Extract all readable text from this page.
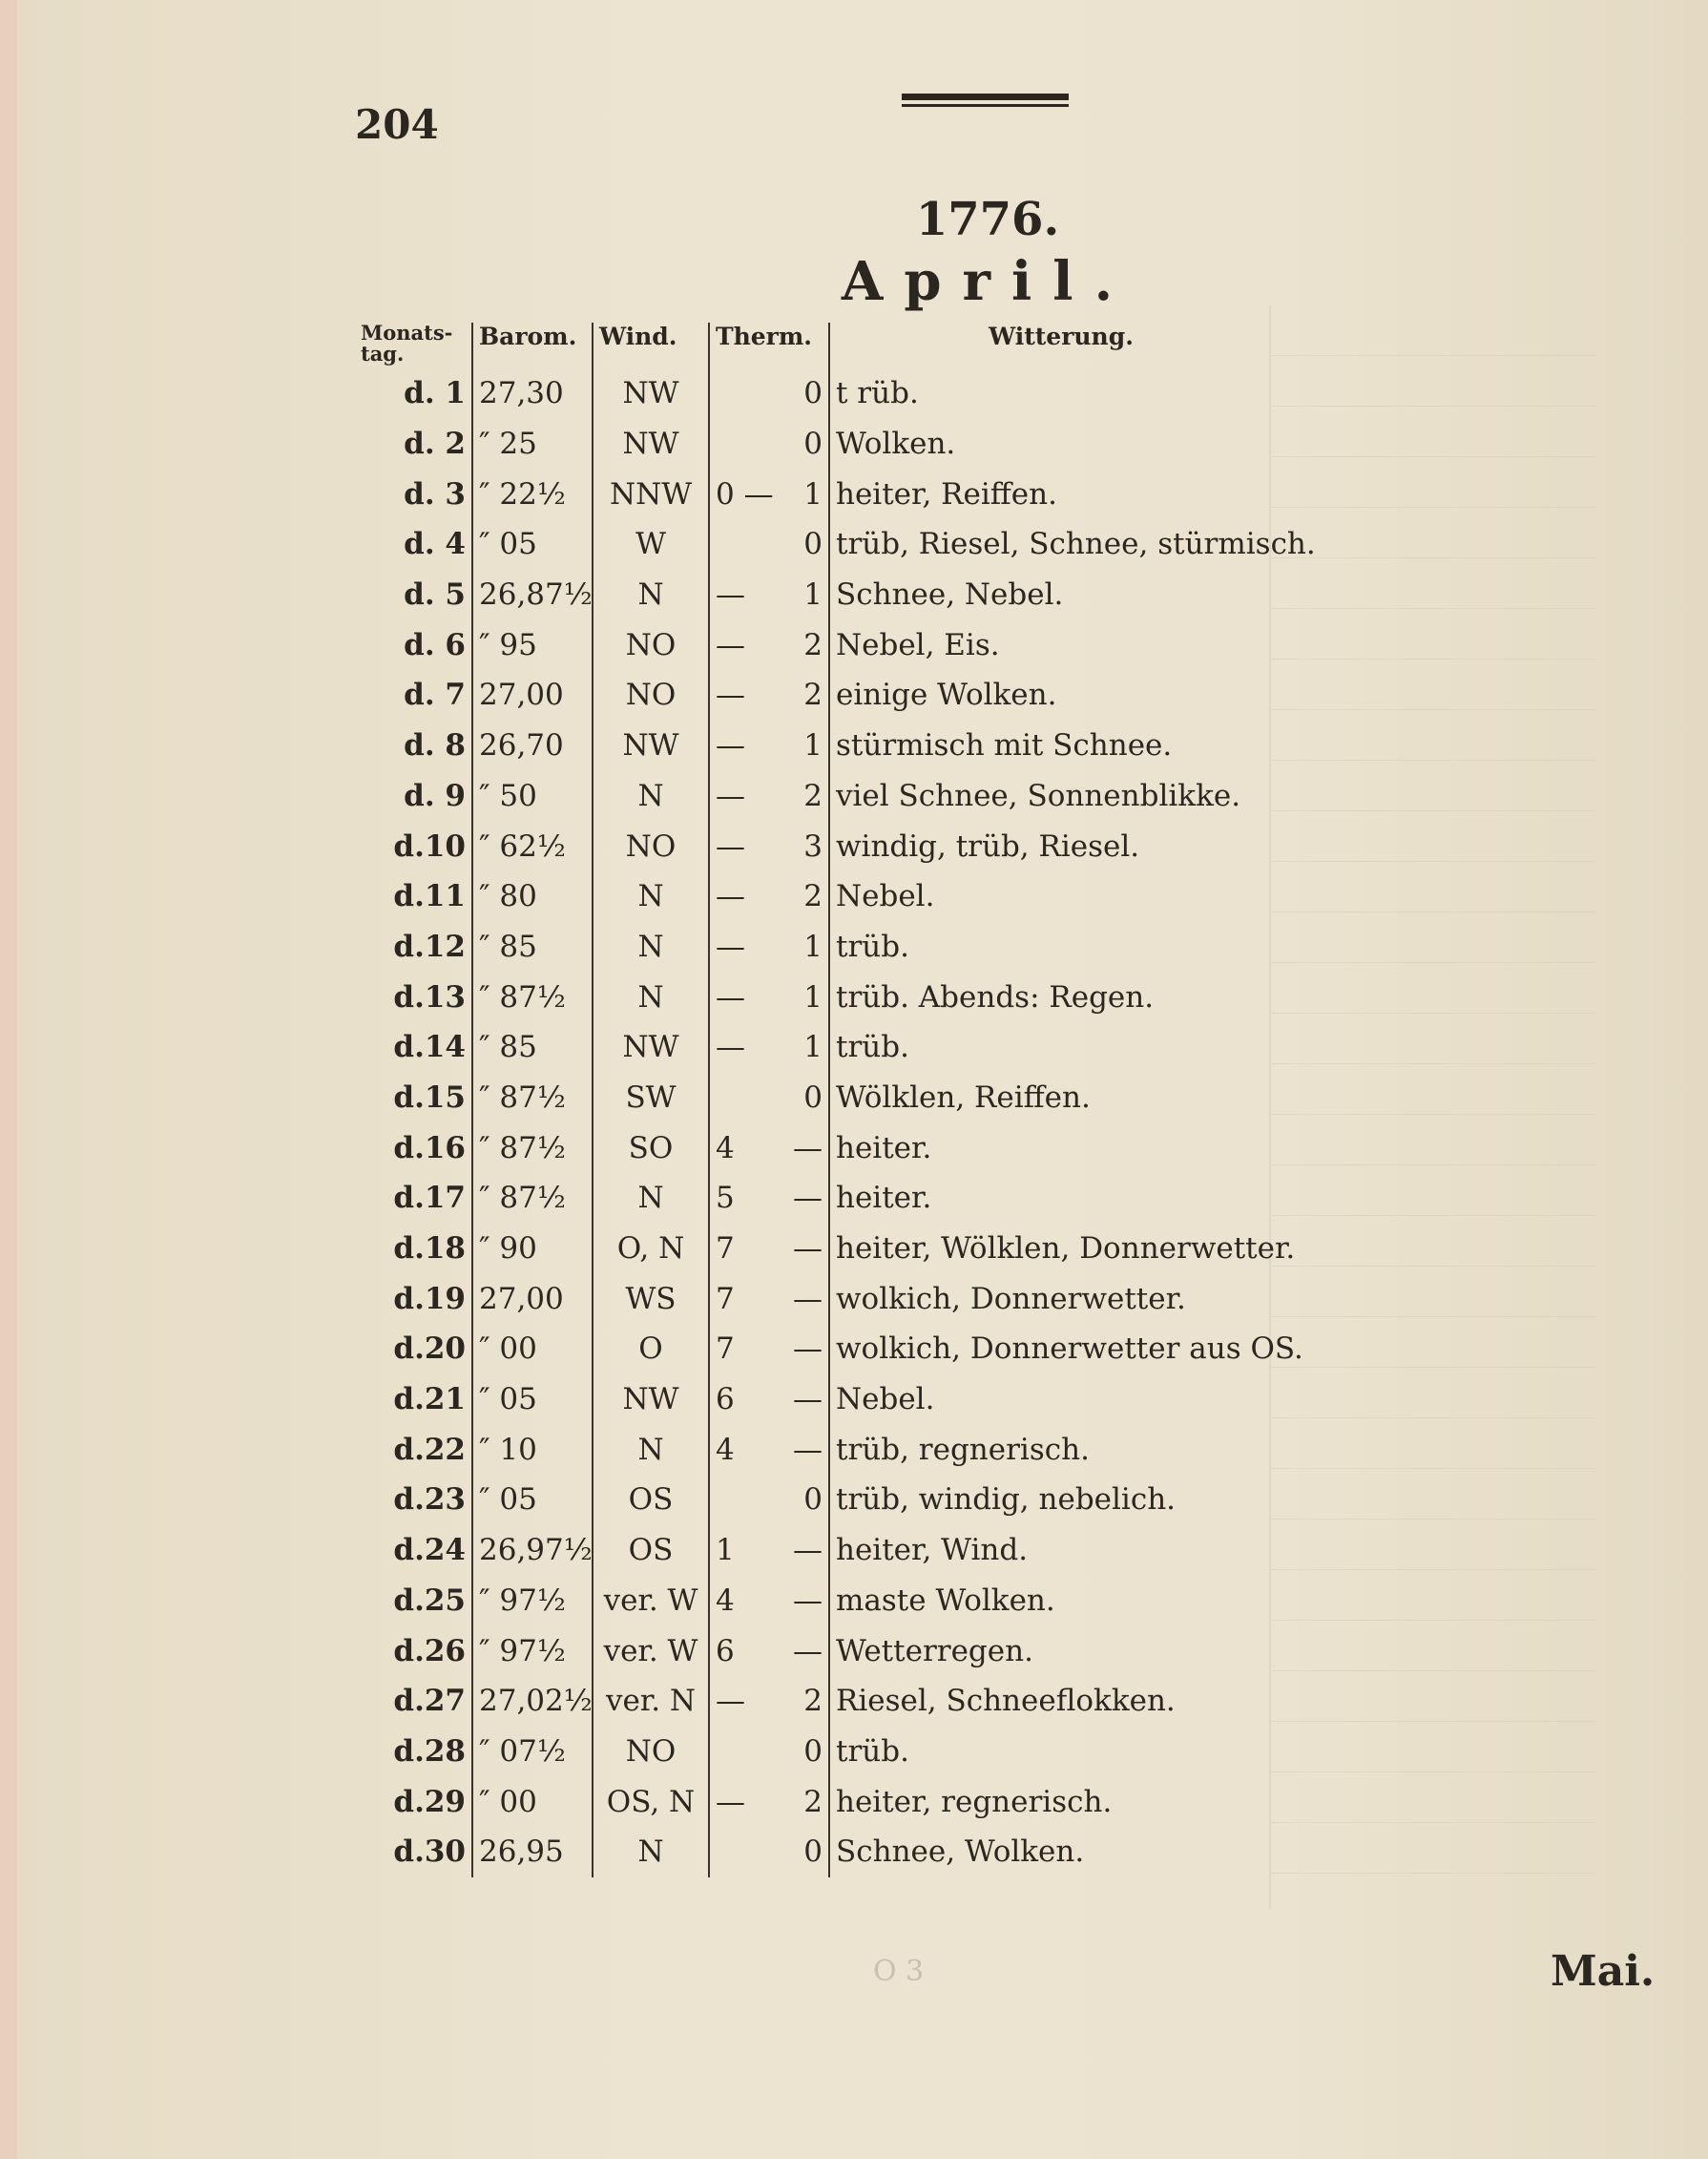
204
1776.
April.
Monats-tag.	Barom.	Wind.	Therm.	Witterung.
d. 1	27,30	NW	0	t rüb.
d. 2	″ 25	NW	0	Wolken.
d. 3	″ 22½	NNW	0 — 1	heiter, Reiffen.
d. 4	″ 05	W	0	trüb, Riesel, Schnee, stürmisch.
d. 5	26,87½	N	— 1	Schnee, Nebel.
d. 6	″ 95	NO	— 2	Nebel, Eis.
d. 7	27,00	NO	— 2	einige Wolken.
d. 8	26,70	NW	— 1	stürmisch mit Schnee.
d. 9	″ 50	N	— 2	viel Schnee, Sonnenblikke.
d.10	″ 62½	NO	— 3	windig, trüb, Riesel.
d.11	″ 80	N	— 2	Nebel.
d.12	″ 85	N	— 1	trüb.
d.13	″ 87½	N	— 1	trüb. Abends: Regen.
d.14	″ 85	NW	— 1	trüb.
d.15	″ 87½	SW	0	Wölklen, Reiffen.
d.16	″ 87½	SO	4 —	heiter.
d.17	″ 87½	N	5 —	heiter.
d.18	″ 90	O, N	7 —	heiter, Wölklen, Donnerwetter.
d.19	27,00	WS	7 —	wolkich, Donnerwetter.
d.20	″ 00	O	7 —	wolkich, Donnerwetter aus OS.
d.21	″ 05	NW	6 —	Nebel.
d.22	″ 10	N	4 —	trüb, regnerisch.
d.23	″ 05	OS	0	trüb, windig, nebelich.
d.24	26,97½	OS	1 —	heiter, Wind.
d.25	″ 97½	ver. W	4 —	maste Wolken.
d.26	″ 97½	ver. W	6 —	Wetterregen.
d.27	27,02½	ver. N	— 2	Riesel, Schneeflokken.
d.28	″ 07½	NO	0	trüb.
d.29	″ 00	OS, N	— 2	heiter, regnerisch.
d.30	26,95	N	0	Schnee, Wolken.
O 3	Mai.
